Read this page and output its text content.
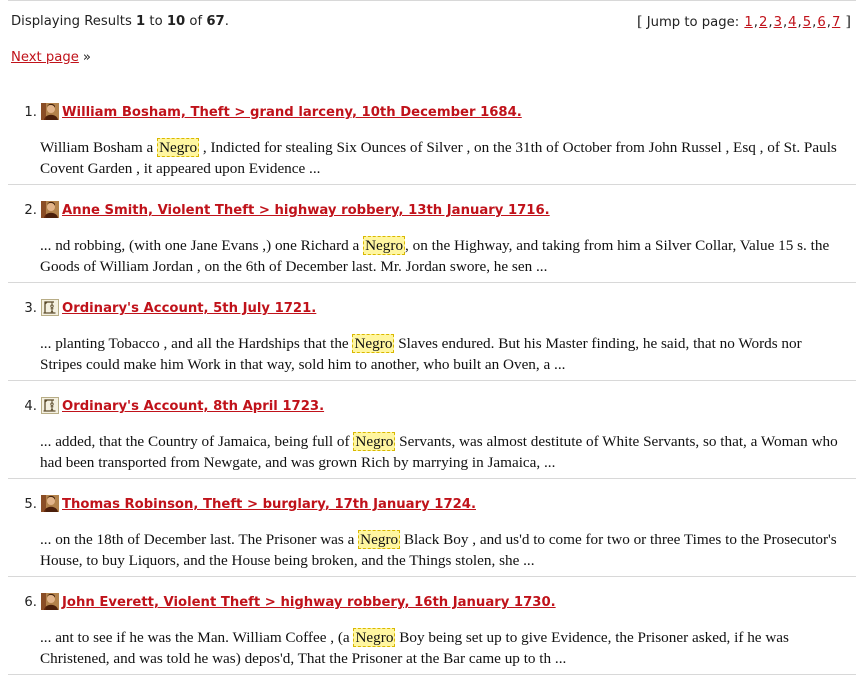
Displaying Results 1 to 10 of 67.	[ Jump to page: 1,2,3,4,5,6,7 ]
Next page »
1. William Bosham, Theft > grand larceny, 10th December 1684.
William Bosham a Negro , Indicted for stealing Six Ounces of Silver , on the 31th of October from John Russel , Esq , of St. Pauls Covent Garden , it appeared upon Evidence ...
2. Anne Smith, Violent Theft > highway robbery, 13th January 1716.
... nd robbing, (with one Jane Evans ,) one Richard a Negro , on the Highway, and taking from him a Silver Collar, Value 15 s. the Goods of William Jordan , on the 6th of December last. Mr. Jordan swore, he sen ...
3. Ordinary's Account, 5th July 1721.
... planting Tobacco , and all the Hardships that the Negro Slaves endured. But his Master finding, he said, that no Words nor Stripes could make him Work in that way, sold him to another, who built an Oven, a ...
4. Ordinary's Account, 8th April 1723.
... added, that the Country of Jamaica, being full of Negro Servants, was almost destitute of White Servants, so that, a Woman who had been transported from Newgate, and was grown Rich by marrying in Jamaica, ...
5. Thomas Robinson, Theft > burglary, 17th January 1724.
... on the 18th of December last. The Prisoner was a Negro Black Boy , and us'd to come for two or three Times to the Prosecutor's House, to buy Liquors, and the House being broken, and the Things stolen, she ...
6. John Everett, Violent Theft > highway robbery, 16th January 1730.
... ant to see if he was the Man. William Coffee , (a Negro Boy being set up to give Evidence, the Prisoner asked, if he was Christened, and was told he was) depos'd, That the Prisoner at the Bar came up to th ...
